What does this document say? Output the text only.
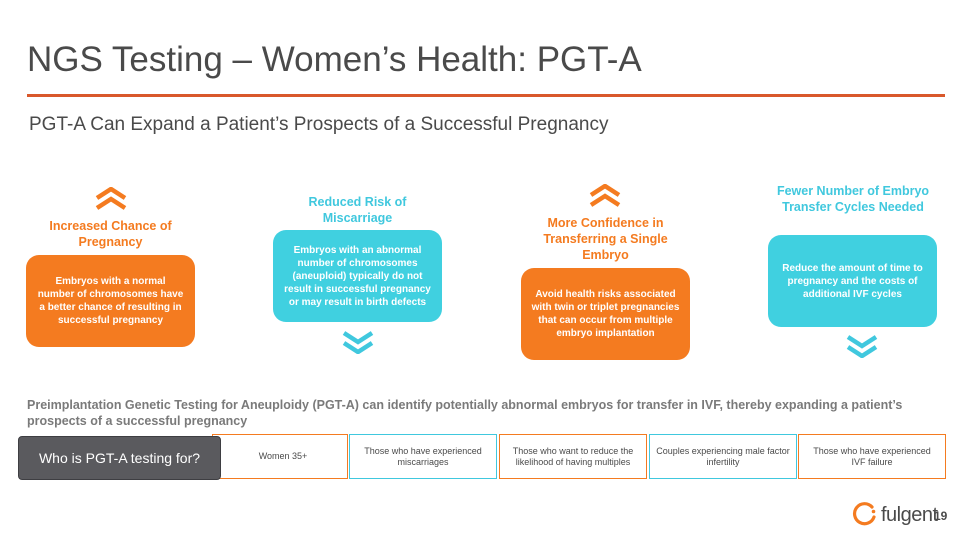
NGS Testing – Women’s Health: PGT-A
PGT-A Can Expand a Patient’s Prospects of a Successful Pregnancy
Increased Chance of Pregnancy
Embryos with a normal number of chromosomes have a better chance of resulting in successful pregnancy
Reduced Risk of Miscarriage
Embryos with an abnormal number of chromosomes (aneuploid) typically do not result in successful pregnancy or may result in birth defects
More Confidence in Transferring a Single Embryo
Avoid health risks associated with twin or triplet pregnancies that can occur from multiple embryo implantation
Fewer Number of Embryo Transfer Cycles Needed
Reduce the amount of time to pregnancy and the costs of additional IVF cycles
Preimplantation Genetic Testing for Aneuploidy (PGT-A) can identify potentially abnormal embryos for transfer in IVF, thereby expanding a patient’s prospects of a successful pregnancy
Women 35+
Those who have experienced miscarriages
Those who want to reduce the likelihood of having multiples
Couples experiencing male factor infertility
Those who have experienced IVF failure
Who is PGT-A testing for?
fulgent
19
